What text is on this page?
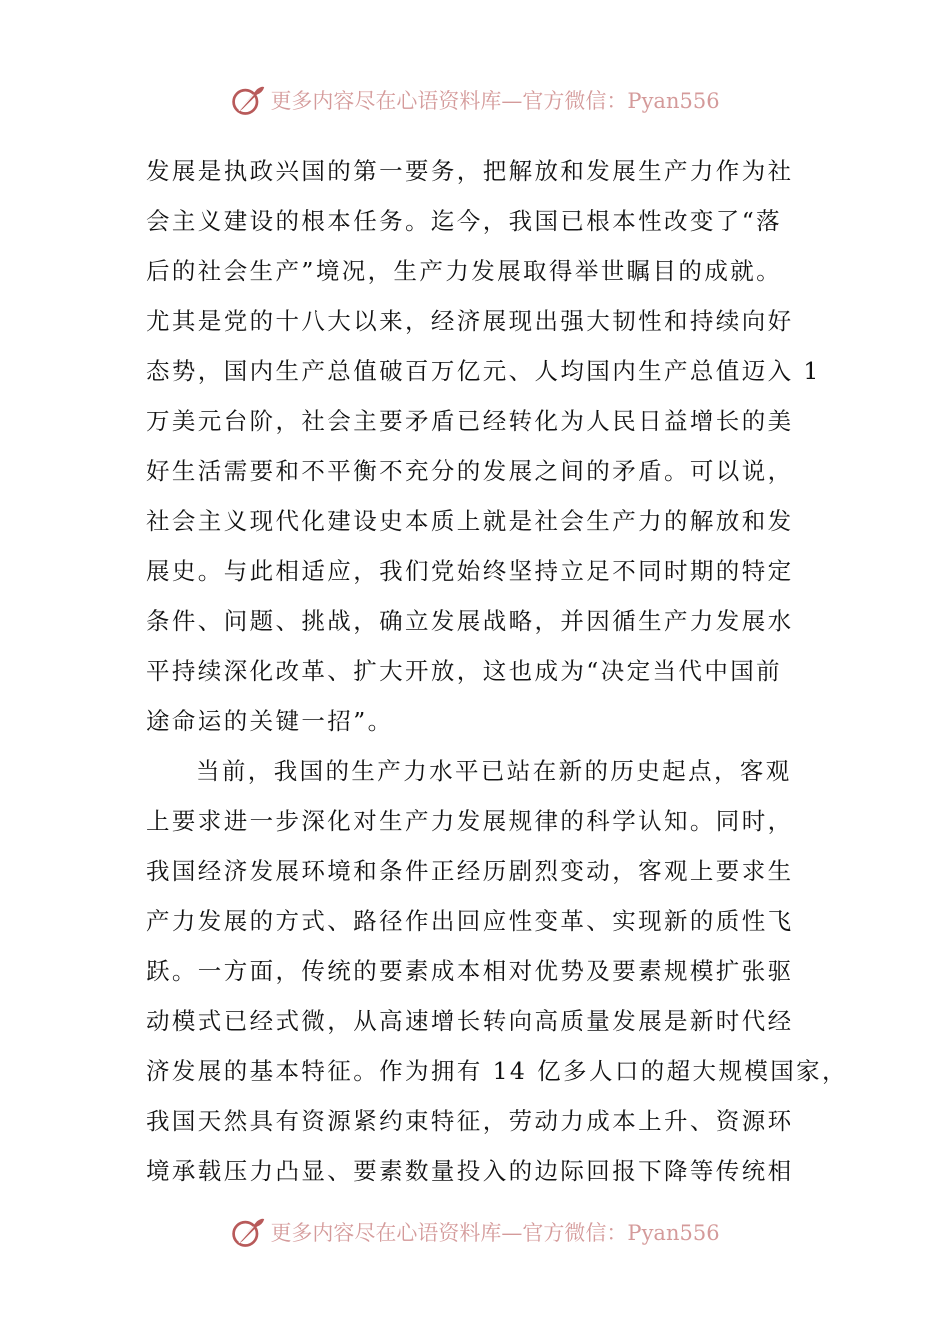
更多内容尽在心语资料库—官方微信：Pyan556
发展是执政兴国的第一要务，把解放和发展生产力作为社
会主义建设的根本任务。迄今，我国已根本性改变了“落
后的社会生产”境况，生产力发展取得举世瞩目的成就。
尤其是党的十八大以来，经济展现出强大韧性和持续向好
态势，国内生产总值破百万亿元、人均国内生产总值迈入 1
万美元台阶，社会主要矛盾已经转化为人民日益增长的美
好生活需要和不平衡不充分的发展之间的矛盾。可以说，
社会主义现代化建设史本质上就是社会生产力的解放和发
展史。与此相适应，我们党始终坚持立足不同时期的特定
条件、问题、挑战，确立发展战略，并因循生产力发展水
平持续深化改革、扩大开放，这也成为“决定当代中国前
途命运的关键一招”。
当前，我国的生产力水平已站在新的历史起点，客观
上要求进一步深化对生产力发展规律的科学认知。同时，
我国经济发展环境和条件正经历剧烈变动，客观上要求生
产力发展的方式、路径作出回应性变革、实现新的质性飞
跃。一方面，传统的要素成本相对优势及要素规模扩张驱
动模式已经式微，从高速增长转向高质量发展是新时代经
济发展的基本特征。作为拥有 14 亿多人口的超大规模国家，
我国天然具有资源紧约束特征，劳动力成本上升、资源环
境承载压力凸显、要素数量投入的边际回报下降等传统相
更多内容尽在心语资料库—官方微信：Pyan556
